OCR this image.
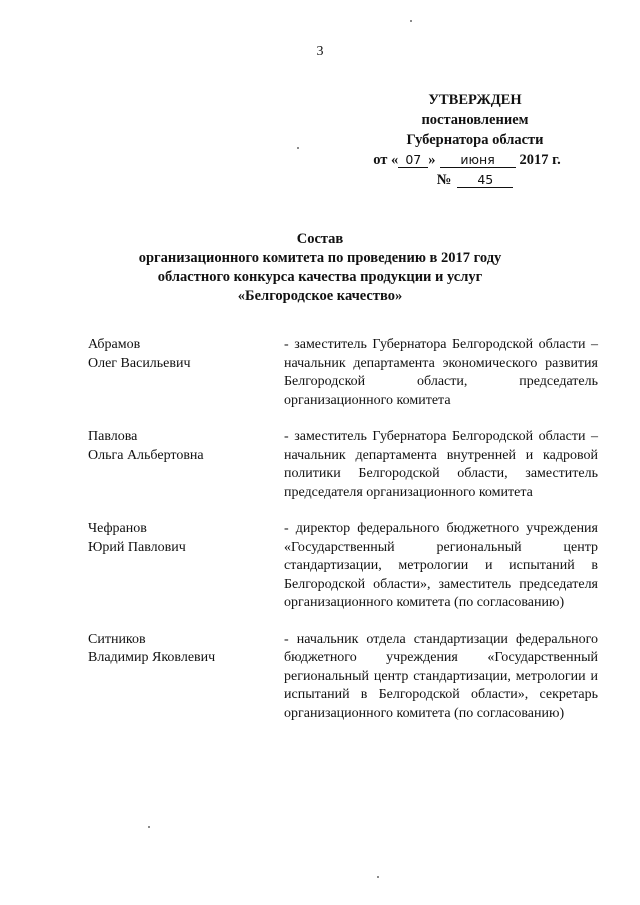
3
УТВЕРЖДЕН
постановлением
Губернатора области
от « 07 » июня 2017 г.
№ 45
Состав
организационного комитета по проведению в 2017 году
областного конкурса качества продукции и услуг
«Белгородское качество»
Абрамов
Олег Васильевич
- заместитель Губернатора Белгородской области – начальник департамента экономического развития Белгородской области, председатель организационного комитета
Павлова
Ольга Альбертовна
- заместитель Губернатора Белгородской области – начальник департамента внутренней и кадровой политики Белгородской области, заместитель председателя организационного комитета
Чефранов
Юрий Павлович
- директор федерального бюджетного учреждения «Государственный региональный центр стандартизации, метрологии и испытаний в Белгородской области», заместитель председателя организационного комитета (по согласованию)
Ситников
Владимир Яковлевич
- начальник отдела стандартизации федерального бюджетного учреждения «Государственный региональный центр стандартизации, метрологии и испытаний в Белгородской области», секретарь организационного комитета (по согласованию)
